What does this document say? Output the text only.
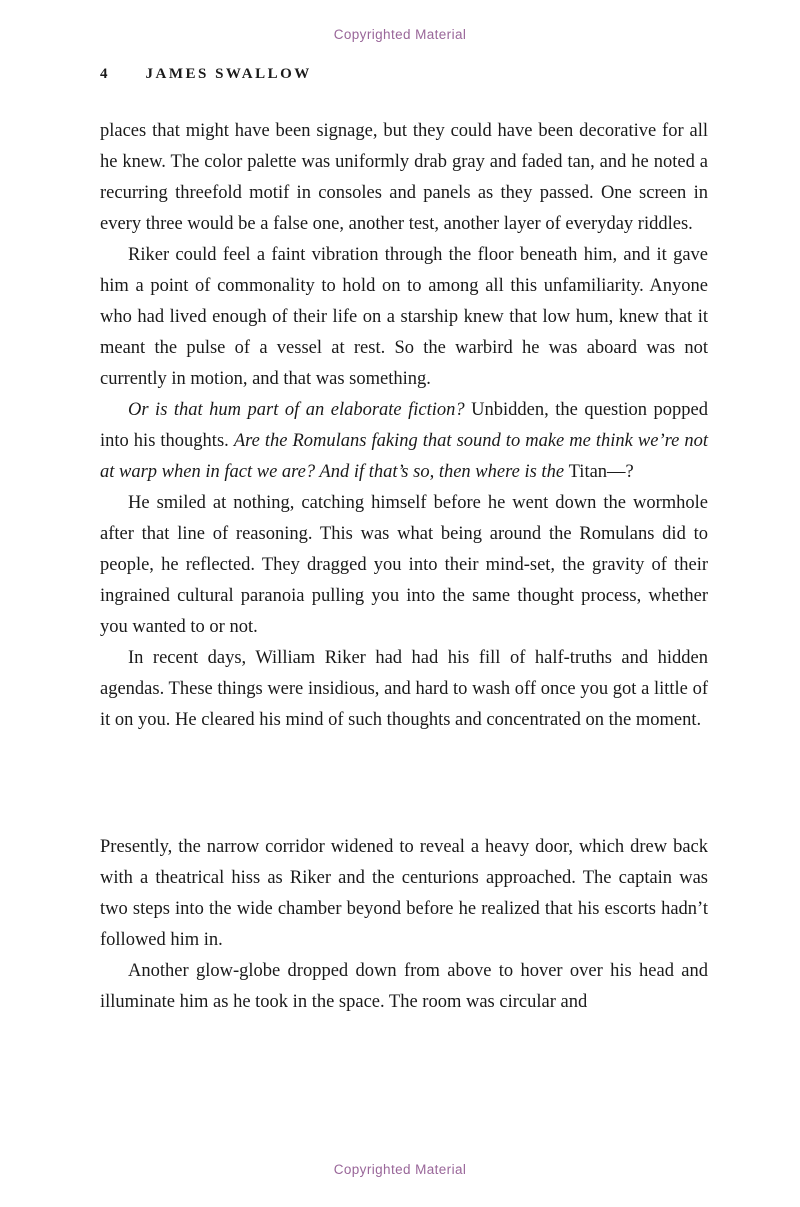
Copyrighted Material
4	JAMES SWALLOW

places that might have been signage, but they could have been decorative for all he knew. The color palette was uniformly drab gray and faded tan, and he noted a recurring threefold motif in consoles and panels as they passed. One screen in every three would be a false one, another test, another layer of everyday riddles.

Riker could feel a faint vibration through the floor beneath him, and it gave him a point of commonality to hold on to among all this unfamiliarity. Anyone who had lived enough of their life on a starship knew that low hum, knew that it meant the pulse of a vessel at rest. So the warbird he was aboard was not currently in motion, and that was something.

Or is that hum part of an elaborate fiction? Unbidden, the question popped into his thoughts. Are the Romulans faking that sound to make me think we’re not at warp when in fact we are? And if that’s so, then where is the Titan—?

He smiled at nothing, catching himself before he went down the wormhole after that line of reasoning. This was what being around the Romulans did to people, he reflected. They dragged you into their mind-set, the gravity of their ingrained cultural paranoia pulling you into the same thought process, whether you wanted to or not.

In recent days, William Riker had had his fill of half-truths and hidden agendas. These things were insidious, and hard to wash off once you got a little of it on you. He cleared his mind of such thoughts and concentrated on the moment.

Presently, the narrow corridor widened to reveal a heavy door, which drew back with a theatrical hiss as Riker and the centurions approached. The captain was two steps into the wide chamber beyond before he realized that his escorts hadn’t followed him in.

Another glow-globe dropped down from above to hover over his head and illuminate him as he took in the space. The room was circular and

Copyrighted Material
